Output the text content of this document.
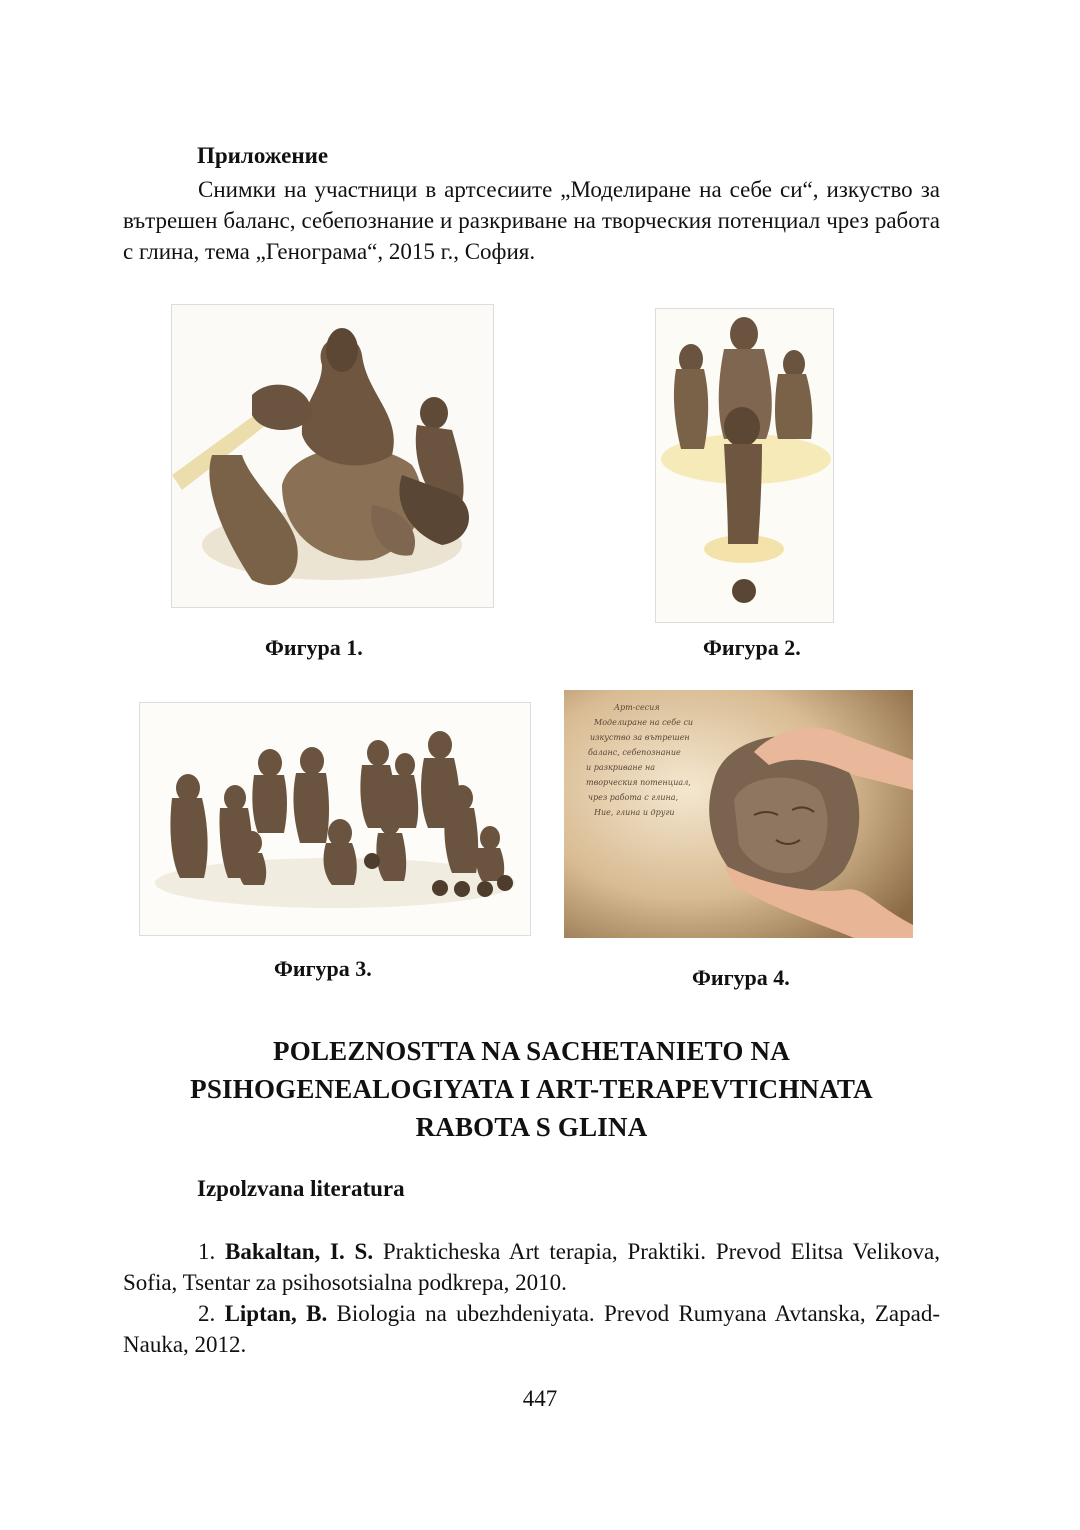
Приложение
Снимки на участници в артсесиите „Моделиране на себе си“, изкуство за вътрешен баланс, себепознание и разкриване на творческия потенциал чрез работа с глина, тема „Генограма“, 2015 г., София.
Фигура 1.	Фигура 2.
Арт-сесия
Моделиране на себе си
изкуство за вътрешен
баланс, себепознание
и разкриване на
творческия потенциал,
чрез работа с глина,
Ние, глина и други
Фигура 3.	Фигура 4.
POLEZNOSTTA NA SACHETANIETO NA
PSIHOGENEALOGIYATA I ART-TERAPEVTICHNATA
RABOTA S GLINA
Izpolzvana literatura
1. Bakaltan, I. S. Prakticheska Art terapia, Praktiki. Prevod Elitsa Velikova, Sofia, Tsentar za psihosotsialna podkrepa, 2010.
2. Liptan, B. Biologia na ubezhdeniyata. Prevod Rumyana Avtanska, Zapad-Nauka, 2012.
447
